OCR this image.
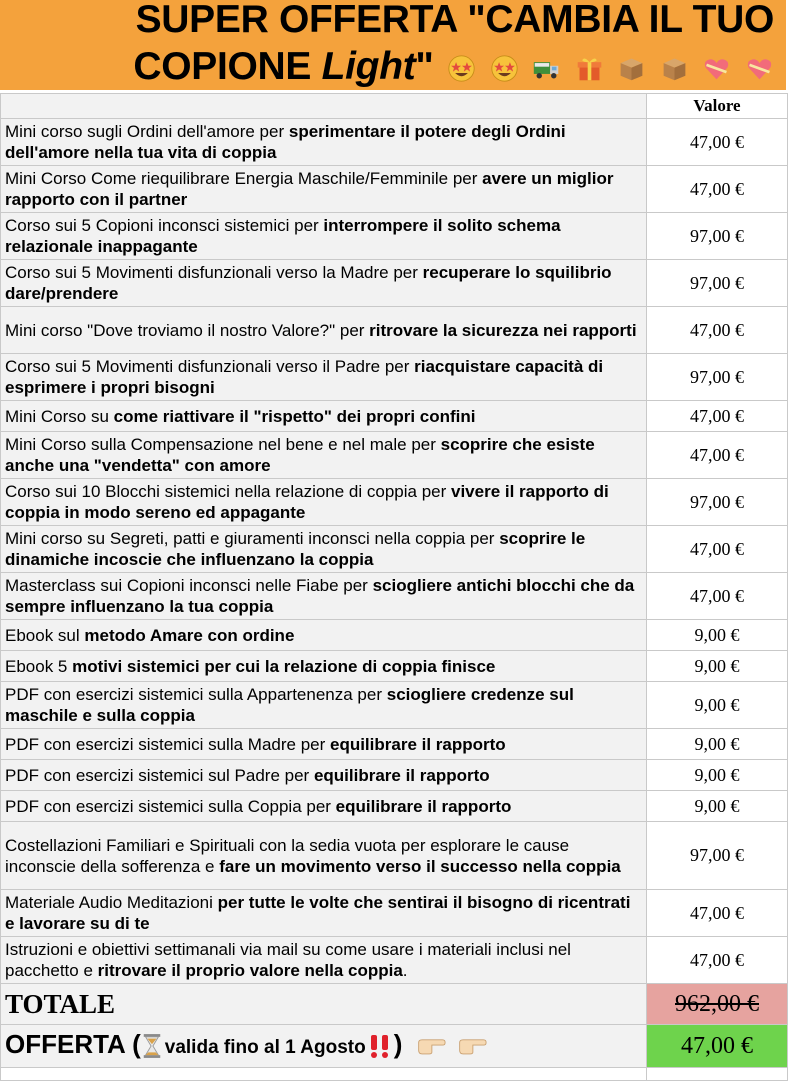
SUPER OFFERTA "CAMBIA IL TUO
COPIONE Light"
	Valore
Mini corso sugli Ordini dell'amore per sperimentare il potere degli Ordini dell'amore nella tua vita di coppia	47,00 €
Mini Corso Come riequilibrare Energia Maschile/Femminile per avere un miglior rapporto con il partner	47,00 €
Corso sui 5 Copioni inconsci sistemici per interrompere il solito schema relazionale inappagante	97,00 €
Corso sui 5 Movimenti disfunzionali verso la Madre per recuperare lo squilibrio dare/prendere	97,00 €
Mini corso "Dove troviamo il nostro Valore?" per ritrovare la sicurezza nei rapporti	47,00 €
Corso sui 5 Movimenti disfunzionali verso il Padre per riacquistare capacità di esprimere i propri bisogni	97,00 €
Mini Corso su come riattivare il "rispetto" dei propri confini	47,00 €
Mini Corso sulla Compensazione nel bene e nel male per scoprire che esiste anche una "vendetta" con amore	47,00 €
Corso sui 10 Blocchi sistemici nella relazione di coppia per vivere il rapporto di coppia in modo sereno ed appagante	97,00 €
Mini corso su Segreti, patti e giuramenti inconsci nella coppia per scoprire le dinamiche incoscie che influenzano la coppia	47,00 €
Masterclass sui Copioni inconsci nelle Fiabe per sciogliere antichi blocchi che da sempre influenzano la tua coppia	47,00 €
Ebook sul metodo Amare con ordine	9,00 €
Ebook 5 motivi sistemici per cui la relazione di coppia finisce	9,00 €
PDF con esercizi sistemici sulla Appartenenza per sciogliere credenze sul maschile e sulla coppia	9,00 €
PDF con esercizi sistemici sulla Madre per equilibrare il rapporto	9,00 €
PDF con esercizi sistemici sul Padre per equilibrare il rapporto	9,00 €
PDF con esercizi sistemici sulla Coppia per equilibrare il rapporto	9,00 €
Costellazioni Familiari e Spirituali con la sedia vuota per esplorare le cause inconscie della sofferenza e fare un movimento verso il successo nella coppia	97,00 €
Materiale Audio Meditazioni per tutte le volte che sentirai il bisogno di ricentrati e lavorare su di te	47,00 €
Istruzioni e obiettivi settimanali via mail su come usare i materiali inclusi nel pacchetto e ritrovare il proprio valore nella coppia.	47,00 €
TOTALE	962,00 €
OFFERTA ( valida fino al 1 Agosto )	47,00 €
